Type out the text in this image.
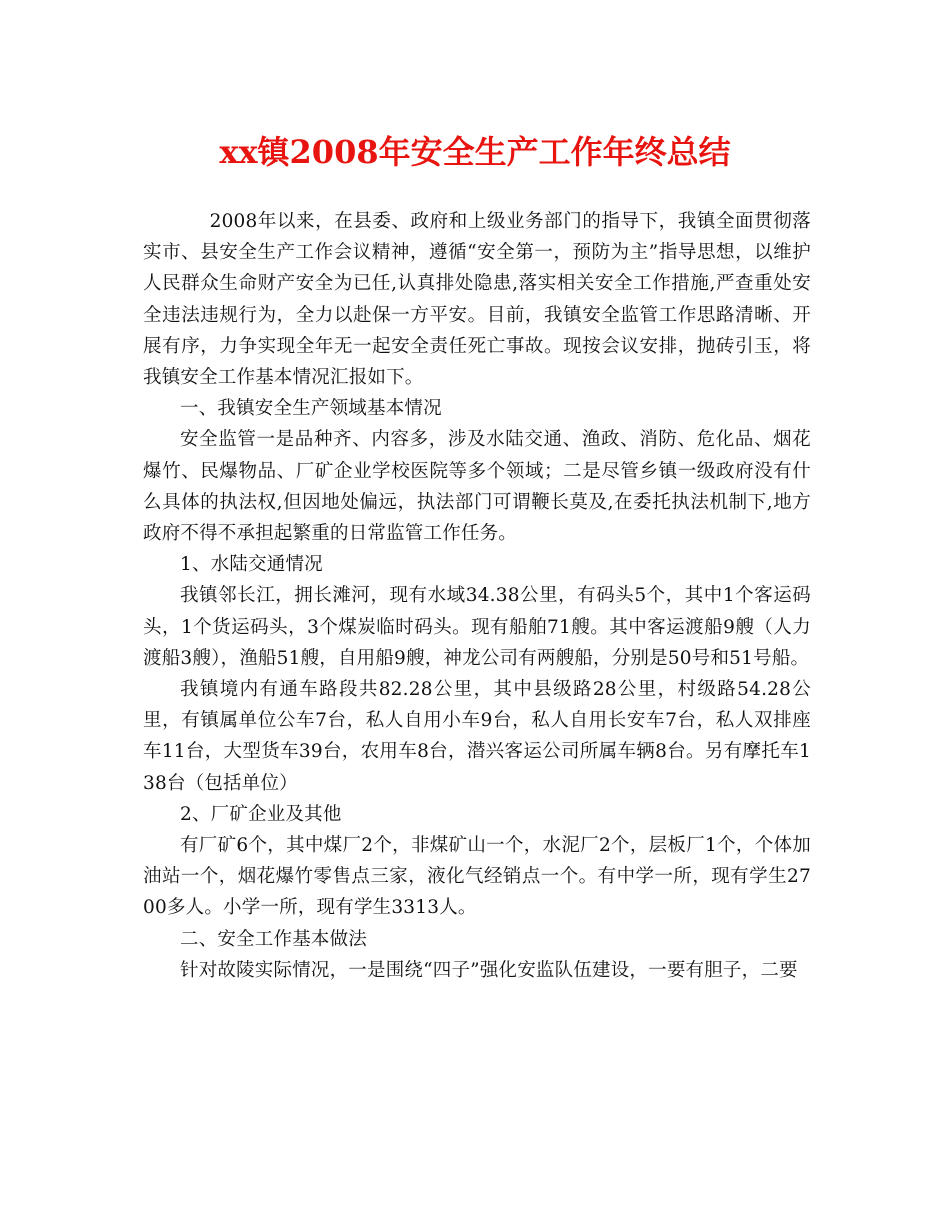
xx镇2008年安全生产工作年终总结

2008年以来，在县委、政府和上级业务部门的指导下，我镇全面贯彻落实市、县安全生产工作会议精神，遵循“安全第一，预防为主”指导思想，以维护人民群众生命财产安全为已任,认真排处隐患,落实相关安全工作措施,严查重处安全违法违规行为，全力以赴保一方平安。目前，我镇安全监管工作思路清晰、开展有序，力争实现全年无一起安全责任死亡事故。现按会议安排，抛砖引玉，将我镇安全工作基本情况汇报如下。

一、我镇安全生产领域基本情况

安全监管一是品种齐、内容多，涉及水陆交通、渔政、消防、危化品、烟花爆竹、民爆物品、厂矿企业学校医院等多个领域；二是尽管乡镇一级政府没有什么具体的执法权,但因地处偏远，执法部门可谓鞭长莫及,在委托执法机制下,地方政府不得不承担起繁重的日常监管工作任务。

1、水陆交通情况

我镇邻长江，拥长滩河，现有水域34.38公里，有码头5个，其中1个客运码头，1个货运码头，3个煤炭临时码头。现有船舶71艘。其中客运渡船9艘（人力渡船3艘），渔船51艘，自用船9艘，神龙公司有两艘船，分别是50号和51号船。

我镇境内有通车路段共82.28公里，其中县级路28公里，村级路54.28公里，有镇属单位公车7台，私人自用小车9台，私人自用长安车7台，私人双排座车11台，大型货车39台，农用车8台，潜兴客运公司所属车辆8台。另有摩托车138台（包括单位）

2、厂矿企业及其他

有厂矿6个，其中煤厂2个，非煤矿山一个，水泥厂2个，层板厂1个，个体加油站一个，烟花爆竹零售点三家，液化气经销点一个。有中学一所，现有学生2700多人。小学一所，现有学生3313人。

二、安全工作基本做法

针对故陵实际情况，一是围绕“四子”强化安监队伍建设，一要有胆子，二要
